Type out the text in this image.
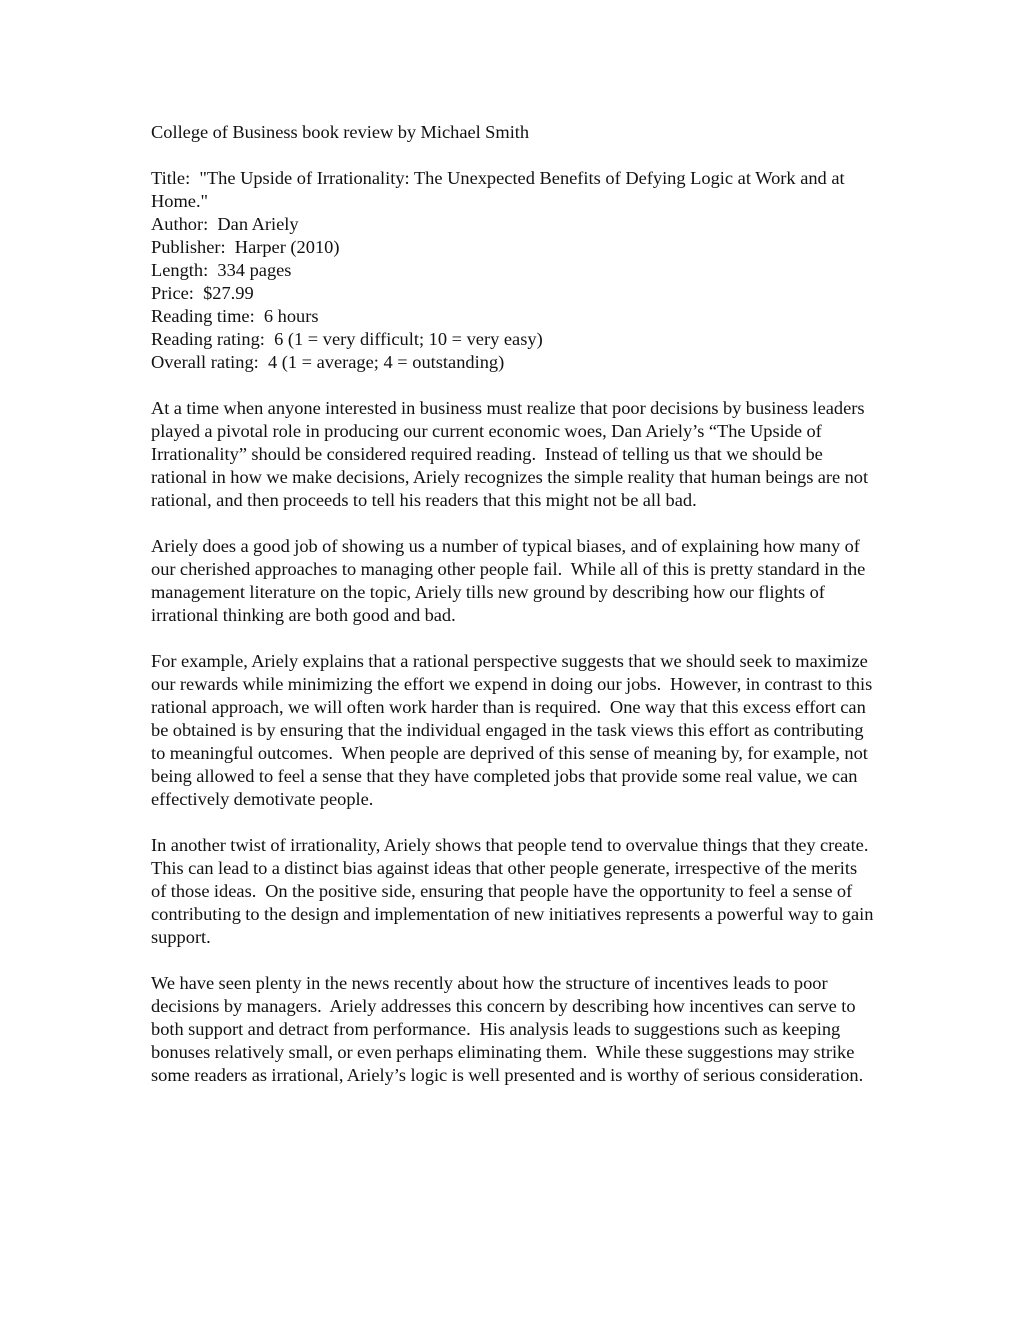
College of Business book review by Michael Smith

Title:  "The Upside of Irrationality: The Unexpected Benefits of Defying Logic at Work and at Home."
Author:  Dan Ariely
Publisher:  Harper (2010)
Length:  334 pages
Price:  $27.99
Reading time:  6 hours
Reading rating:  6 (1 = very difficult; 10 = very easy)
Overall rating:  4 (1 = average; 4 = outstanding)

At a time when anyone interested in business must realize that poor decisions by business leaders played a pivotal role in producing our current economic woes, Dan Ariely’s “The Upside of Irrationality” should be considered required reading.  Instead of telling us that we should be rational in how we make decisions, Ariely recognizes the simple reality that human beings are not rational, and then proceeds to tell his readers that this might not be all bad.

Ariely does a good job of showing us a number of typical biases, and of explaining how many of our cherished approaches to managing other people fail.  While all of this is pretty standard in the management literature on the topic, Ariely tills new ground by describing how our flights of irrational thinking are both good and bad.

For example, Ariely explains that a rational perspective suggests that we should seek to maximize our rewards while minimizing the effort we expend in doing our jobs.  However, in contrast to this rational approach, we will often work harder than is required.  One way that this excess effort can be obtained is by ensuring that the individual engaged in the task views this effort as contributing to meaningful outcomes.  When people are deprived of this sense of meaning by, for example, not being allowed to feel a sense that they have completed jobs that provide some real value, we can effectively demotivate people.

In another twist of irrationality, Ariely shows that people tend to overvalue things that they create.  This can lead to a distinct bias against ideas that other people generate, irrespective of the merits of those ideas.  On the positive side, ensuring that people have the opportunity to feel a sense of contributing to the design and implementation of new initiatives represents a powerful way to gain support.

We have seen plenty in the news recently about how the structure of incentives leads to poor decisions by managers.  Ariely addresses this concern by describing how incentives can serve to both support and detract from performance.  His analysis leads to suggestions such as keeping bonuses relatively small, or even perhaps eliminating them.  While these suggestions may strike some readers as irrational, Ariely’s logic is well presented and is worthy of serious consideration.
